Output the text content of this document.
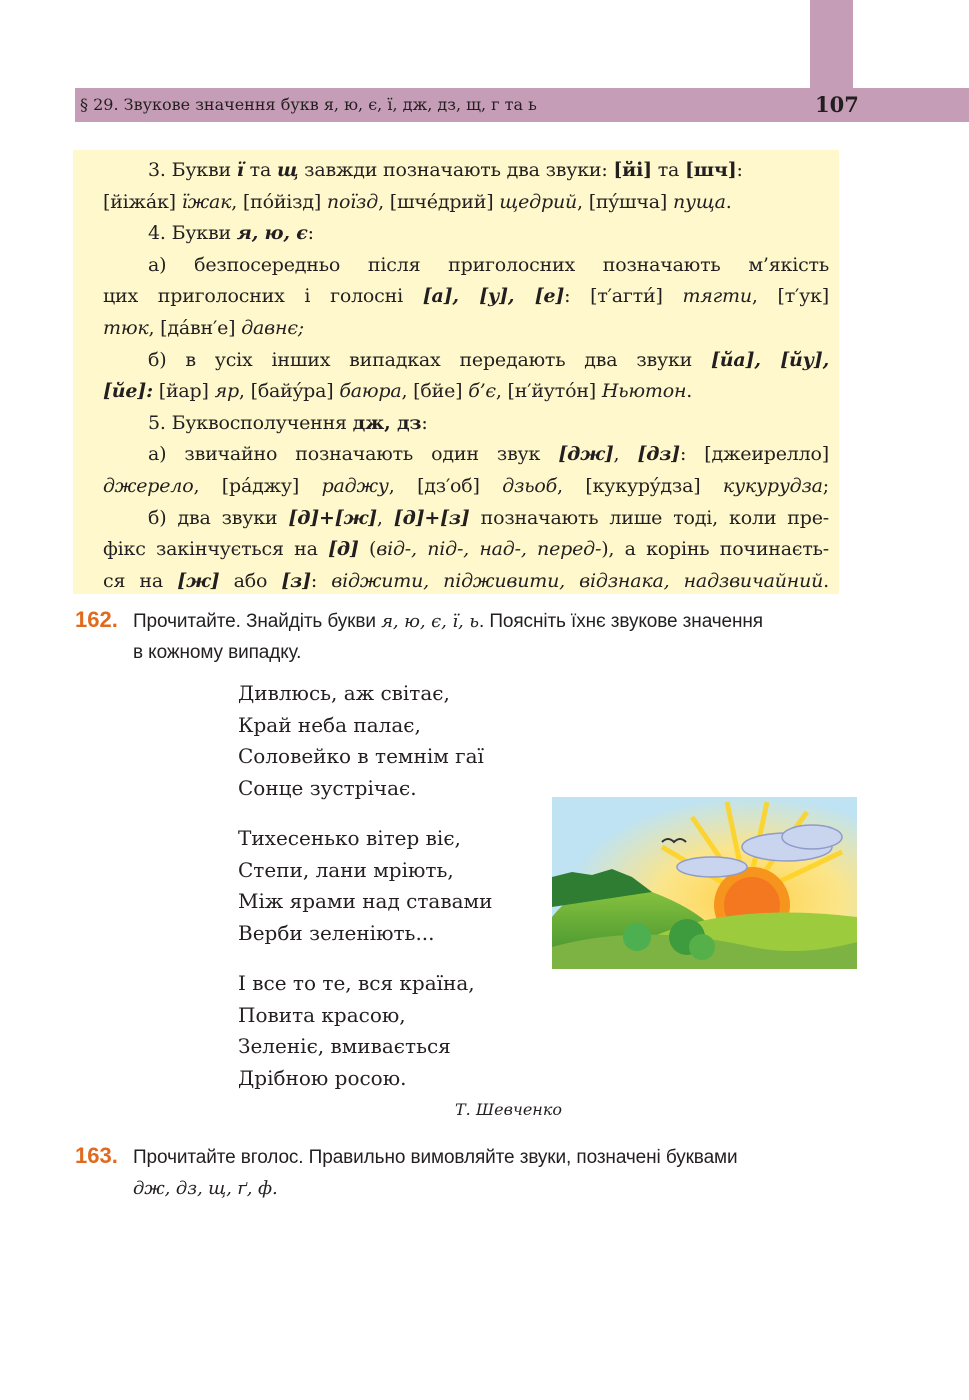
§ 29. Звукове значення букв я, ю, є, ї, дж, дз, щ, г та ь	107
3. Букви ї та щ завжди позначають два звуки: [йі] та [шч]:
[йіжáк] їжак, [пóйізд] поїзд, [шчéдрий] щедрий, [пýшча] пуща.
4. Букви я, ю, є:
а) безпосередньо після приголосних позначають м’якість
цих приголосних і голосні [а], [у], [е]: [т′агти́] тягти, [т′ук]
тюк, [дáвн′е] давнє;
б) в усіх інших випадках передають два звуки [йа], [йу],
[йе]: [йар] яр, [байýра] баюра, [бйе] б’є, [н′йутóн] Ньютон.
5. Буквосполучення дж, дз:
а) звичайно позначають один звук [дж], [дз]: [джеирелло]
джерело, [рáджу] раджу, [дз′об] дзьоб, [кукурýдза] кукурудза;
б) два звуки [д]+[ж], [д]+[з] позначають лише тоді, коли пре-
фікс закінчується на [д] (від-, під-, над-, перед-), а корінь починаєть-
ся на [ж] або [з]: віджити, підживити, відзнака, надзвичайний.
162. Прочитайте. Знайдіть букви я, ю, є, ї, ь. Поясніть їхнє звукове значення
в кожному випадку.
Дивлюсь, аж світає,
Край неба палає,
Соловейко в темнім гаї
Сонце зустрічає.
Тихесенько вітер віє,
Степи, лани мріють,
Між ярами над ставами
Верби зеленіють...
І все то те, вся країна,
Повита красою,
Зеленіє, вмивається
Дрібною росою.
Т. Шевченко
163. Прочитайте вголос. Правильно вимовляйте звуки, позначені буквами
дж, дз, щ, ґ, ф.
